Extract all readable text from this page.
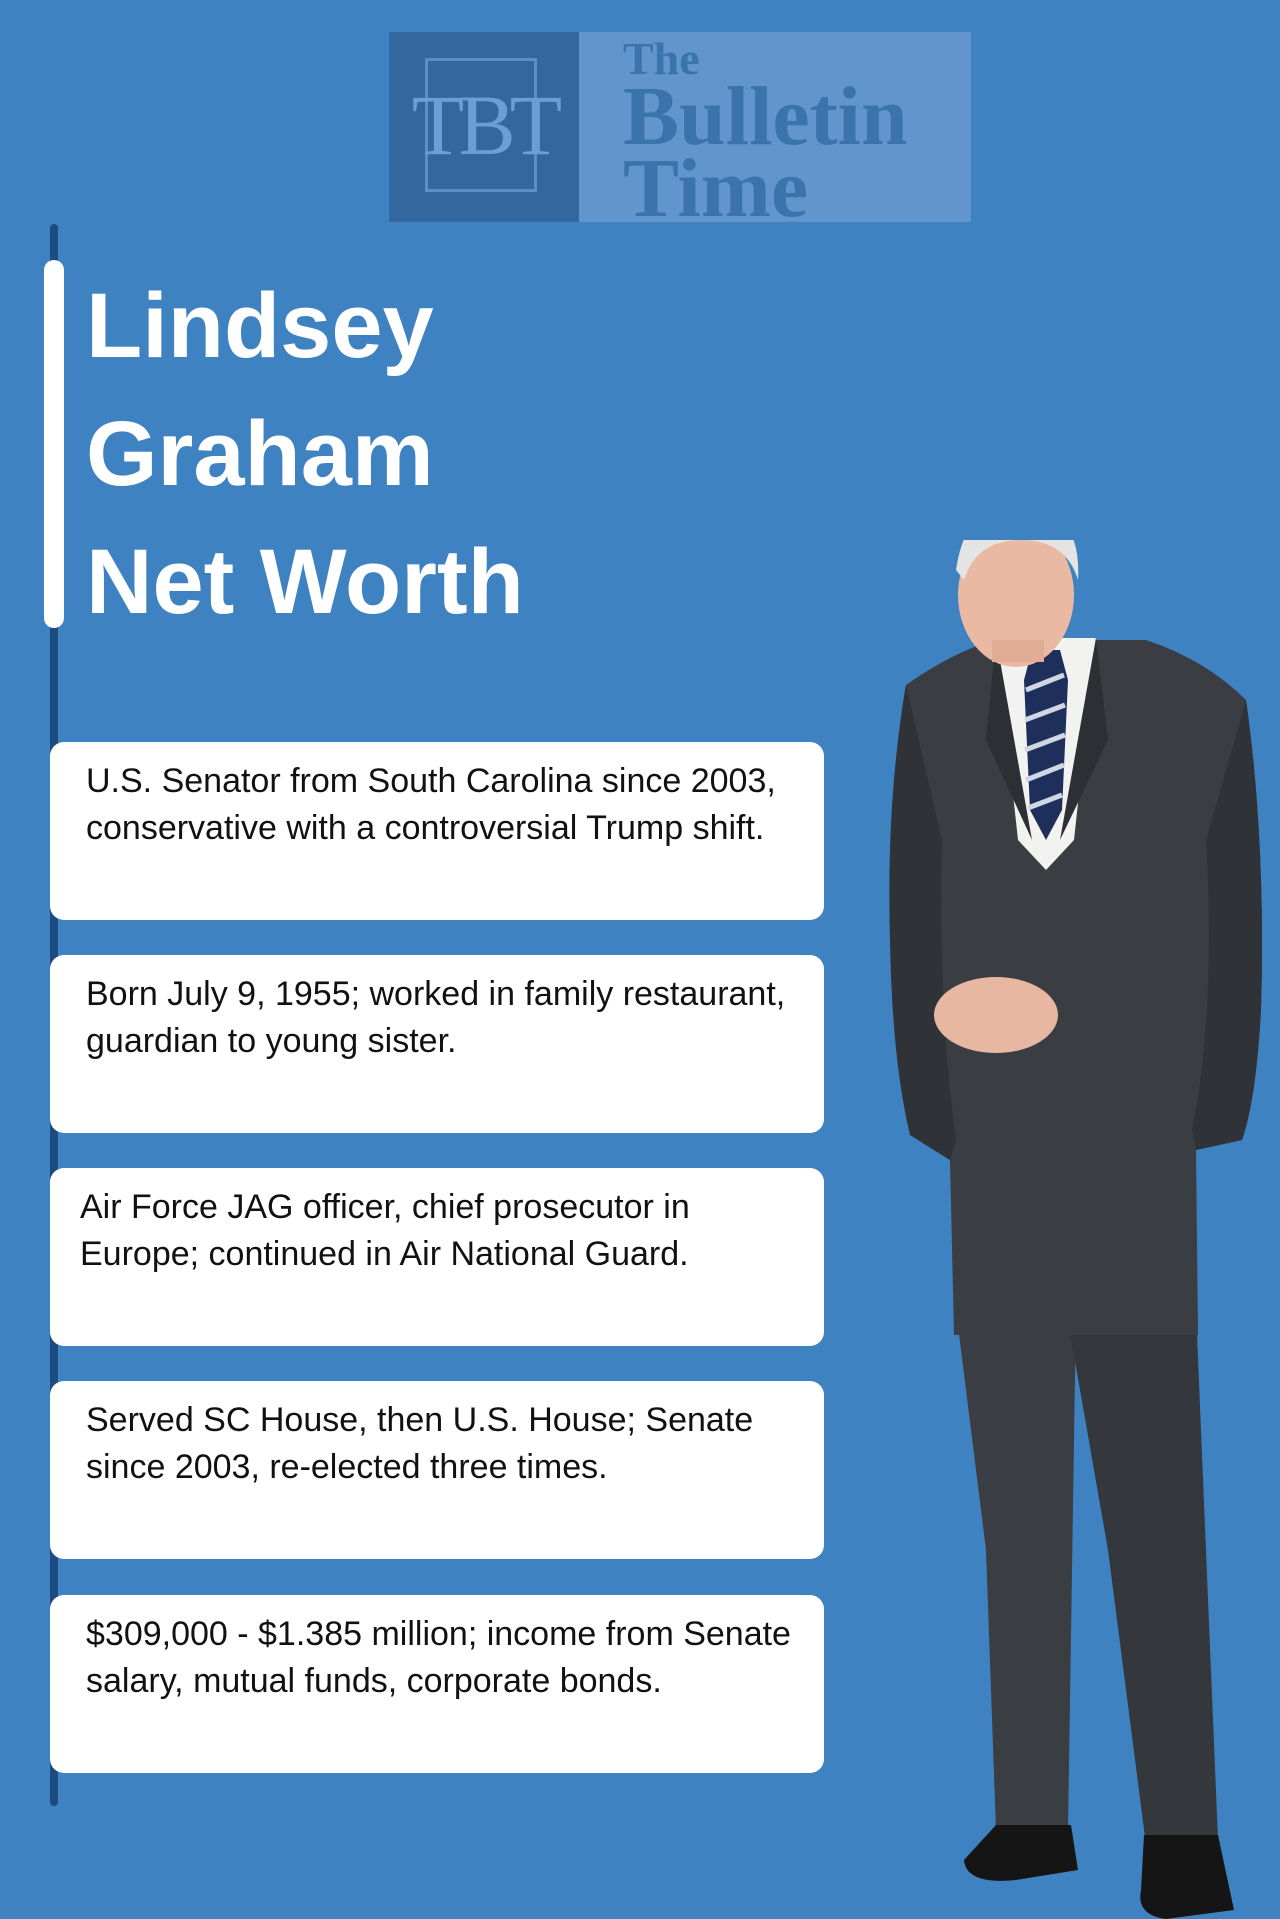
TBT
The
Bulletin
Time
Lindsey
Graham
Net Worth
U.S. Senator from South Carolina since 2003, conservative with a controversial Trump shift.
Born July 9, 1955; worked in family restaurant, guardian to young sister.
Air Force JAG officer, chief prosecutor in Europe; continued in Air National Guard.
Served SC House, then U.S. House; Senate since 2003, re-elected three times.
$309,000 - $1.385 million; income from Senate salary, mutual funds, corporate bonds.
